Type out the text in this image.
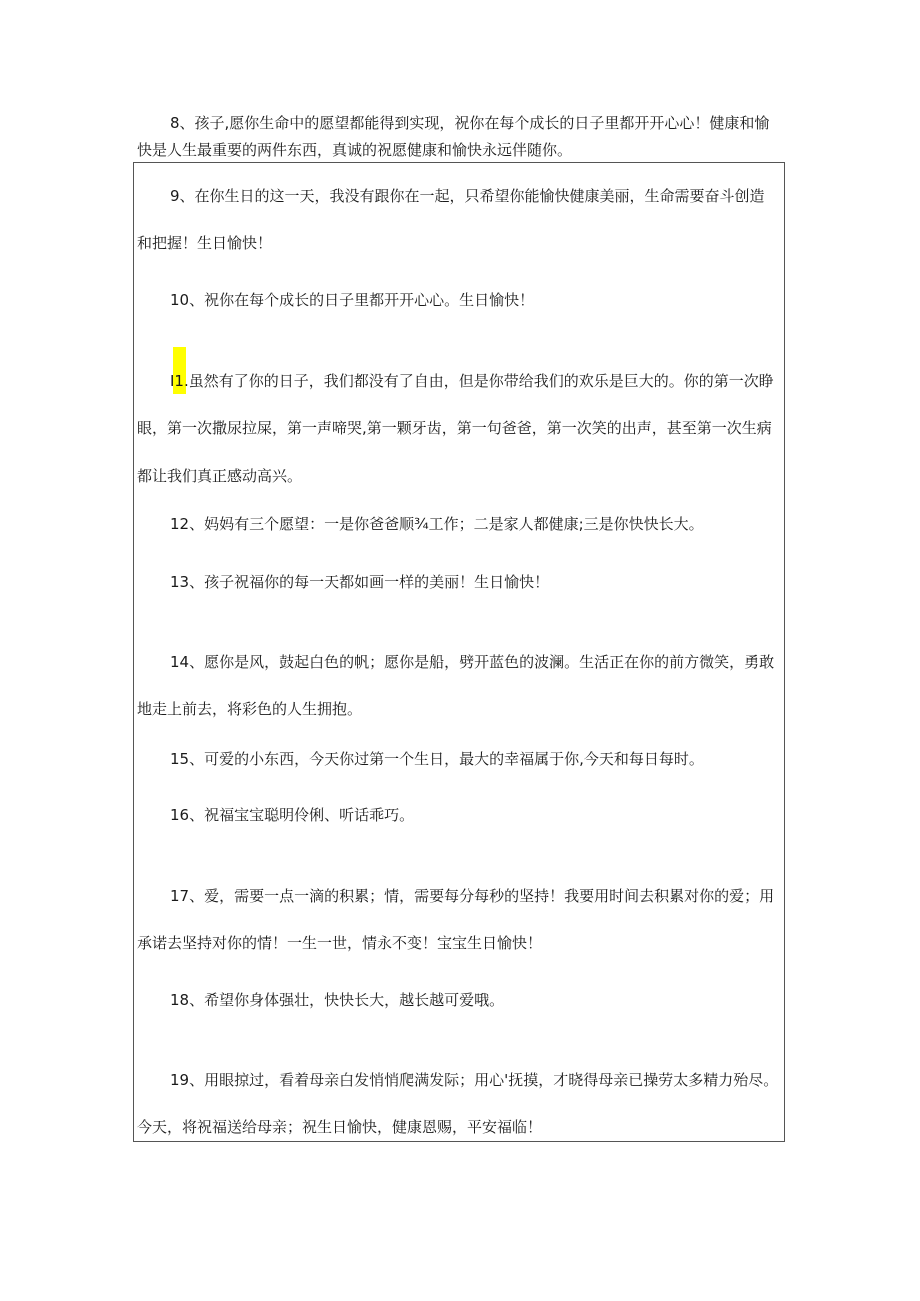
8、孩子,愿你生命中的愿望都能得到实现，祝你在每个成长的日子里都开开心心！健康和愉
快是人生最重要的两件东西，真诚的祝愿健康和愉快永远伴随你。
9、在你生日的这一天，我没有跟你在一起，只希望你能愉快健康美丽，生命需要奋斗创造
和把握！生日愉快！
10、祝你在每个成长的日子里都开开心心。生日愉快！
I1.虽然有了你的日子，我们都没有了自由，但是你带给我们的欢乐是巨大的。你的第一次睁
眼，第一次撒尿拉屎，第一声啼哭,第一颗牙齿，第一句爸爸，第一次笑的出声，甚至第一次生病
都让我们真正感动高兴。
12、妈妈有三个愿望：一是你爸爸顺¾工作；二是家人都健康;三是你快快长大。
13、孩子祝福你的每一天都如画一样的美丽！生日愉快！
14、愿你是风，鼓起白色的帆；愿你是船，劈开蓝色的波澜。生活正在你的前方微笑，勇敢
地走上前去，将彩色的人生拥抱。
15、可爱的小东西，今天你过第一个生日，最大的幸福属于你,今天和每日每时。
16、祝福宝宝聪明伶俐、听话乖巧。
17、爱，需要一点一滴的积累；情，需要每分每秒的坚持！我要用时间去积累对你的爱；用
承诺去坚持对你的情！一生一世，情永不变！宝宝生日愉快！
18、希望你身体强壮，快快长大，越长越可爱哦。
19、用眼掠过，看着母亲白发悄悄爬满发际；用心'抚摸，才晓得母亲已操劳太多精力殆尽。
今天，将祝福送给母亲；祝生日愉快，健康恩赐，平安福临！
